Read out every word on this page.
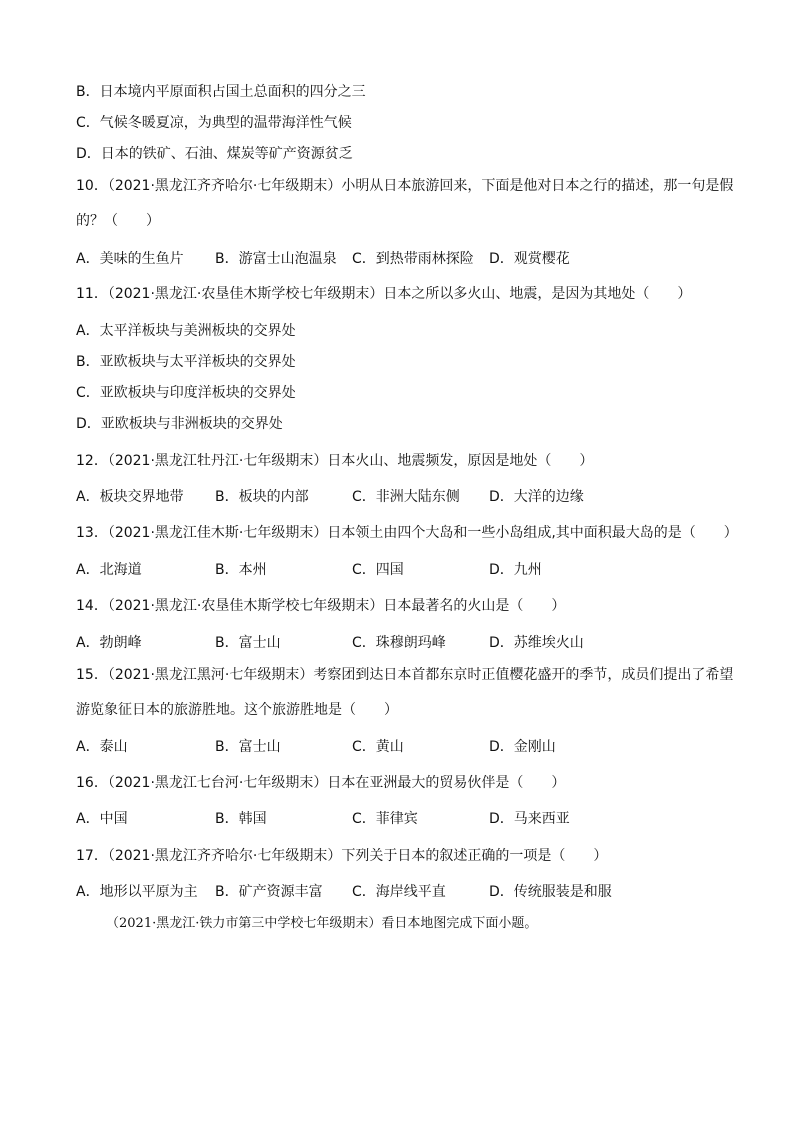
B．日本境内平原面积占国土总面积的四分之三
C．气候冬暖夏凉，为典型的温带海洋性气候
D．日本的铁矿、石油、煤炭等矿产资源贫乏
10．（2021·黑龙江齐齐哈尔·七年级期末）小明从日本旅游回来，下面是他对日本之行的描述，那一句是假
的？（　　）
A．美味的生鱼片 B．游富士山泡温泉 C．到热带雨林探险 D．观赏樱花
11．（2021·黑龙江·农垦佳木斯学校七年级期末）日本之所以多火山、地震，是因为其地处（　　）
A．太平洋板块与美洲板块的交界处
B．亚欧板块与太平洋板块的交界处
C．亚欧板块与印度洋板块的交界处
D．亚欧板块与非洲板块的交界处
12．（2021·黑龙江牡丹江·七年级期末）日本火山、地震频发，原因是地处（　　）
A．板块交界地带 B．板块的内部	C．非洲大陆东侧 D．大洋的边缘
13．（2021·黑龙江佳木斯·七年级期末）日本领土由四个大岛和一些小岛组成,其中面积最大岛的是（　　）
A．北海道	B．本州	C．四国	D．九州
14．（2021·黑龙江·农垦佳木斯学校七年级期末）日本最著名的火山是（　　）
A．勃朗峰	B．富士山	C．珠穆朗玛峰	D．苏维埃火山
15．（2021·黑龙江黑河·七年级期末）考察团到达日本首都东京时正值樱花盛开的季节，成员们提出了希望
游览象征日本的旅游胜地。这个旅游胜地是（　　）
A．泰山	B．富士山	C．黄山	D．金刚山
16．（2021·黑龙江七台河·七年级期末）日本在亚洲最大的贸易伙伴是（　　）
A．中国	B．韩国	C．菲律宾	D．马来西亚
17．（2021·黑龙江齐齐哈尔·七年级期末）下列关于日本的叙述正确的一项是（　　）
A．地形以平原为主 B．矿产资源丰富 C．海岸线平直	D．传统服装是和服
（2021·黑龙江·铁力市第三中学校七年级期末）看日本地图完成下面小题。
